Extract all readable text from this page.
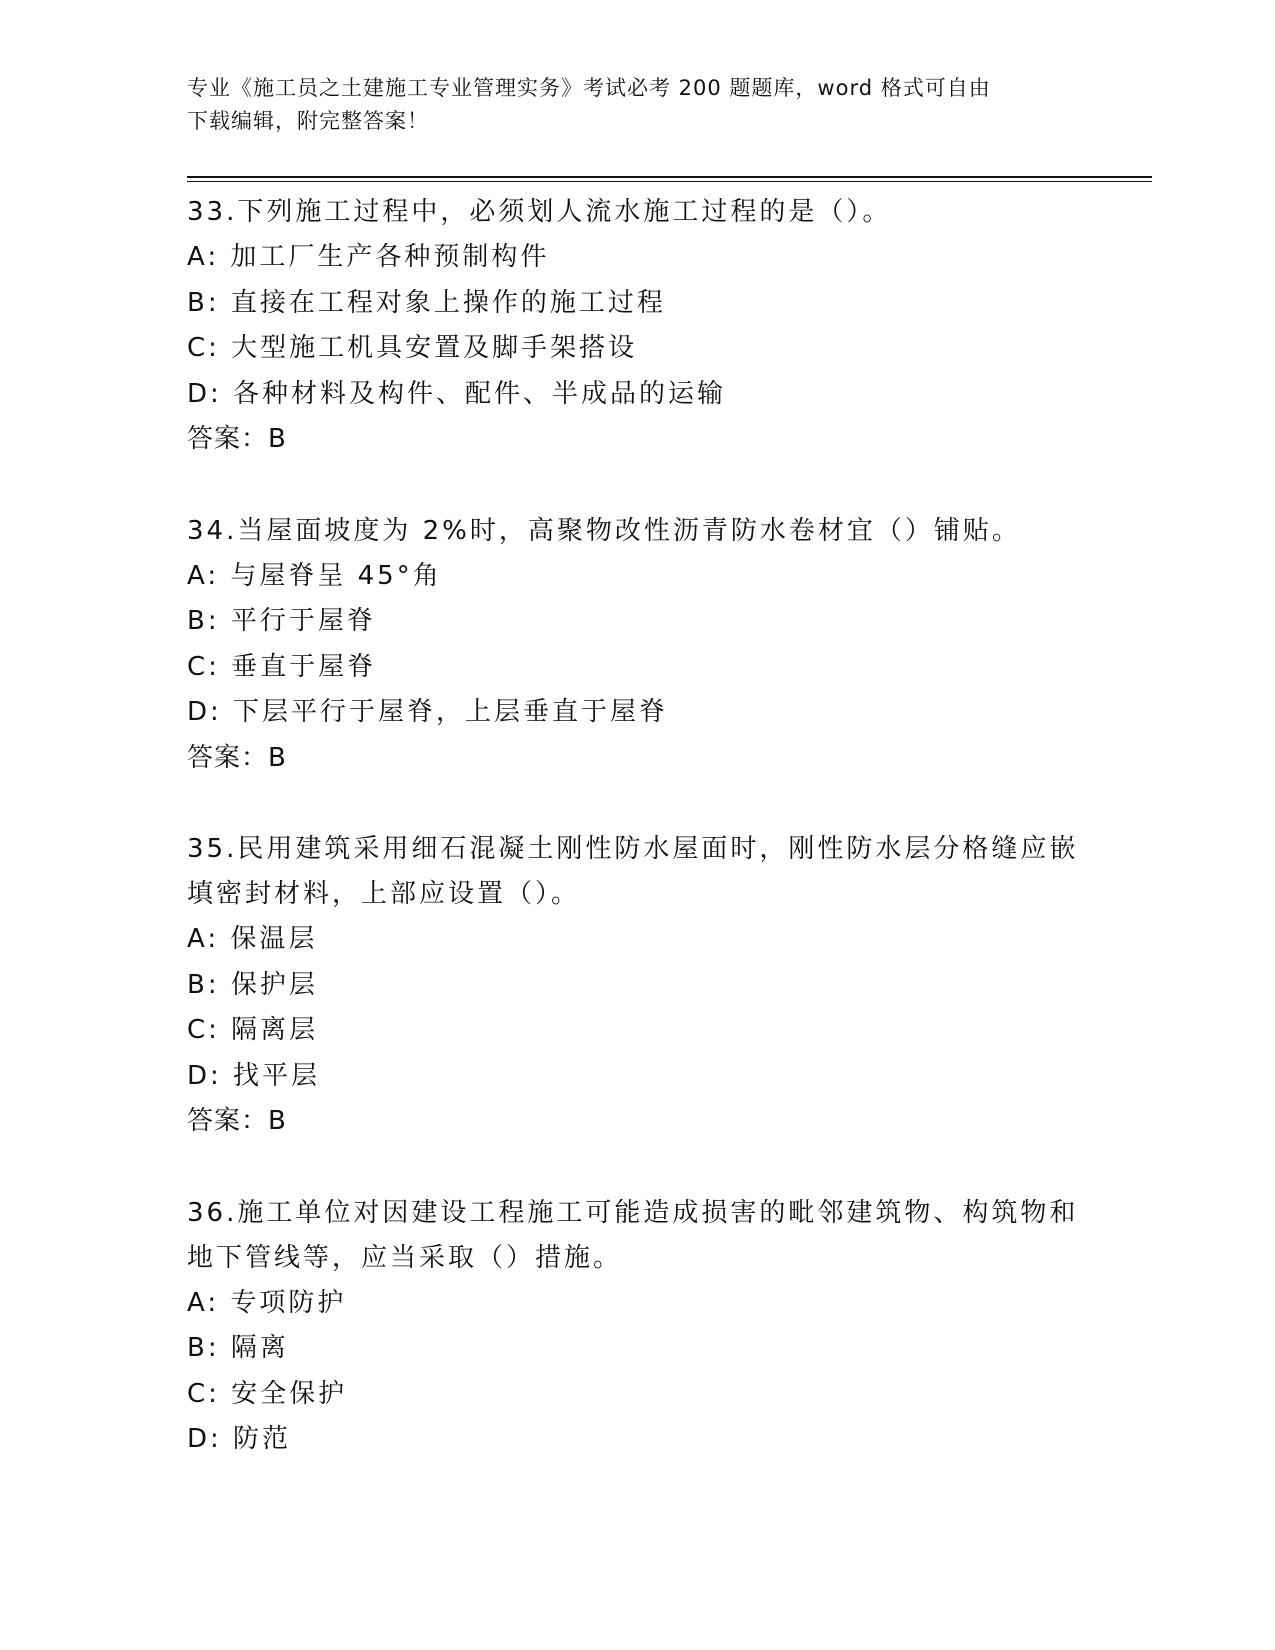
专业《施工员之土建施工专业管理实务》考试必考 200 题题库，word 格式可自由
下载编辑，附完整答案！
33.下列施工过程中，必须划人流水施工过程的是（）。
A: 加工厂生产各种预制构件
B: 直接在工程对象上操作的施工过程
C: 大型施工机具安置及脚手架搭设
D: 各种材料及构件、配件、半成品的运输
答案：B
34.当屋面坡度为 2%时，高聚物改性沥青防水卷材宜（）铺贴。
A: 与屋脊呈 45°角
B: 平行于屋脊
C: 垂直于屋脊
D: 下层平行于屋脊，上层垂直于屋脊
答案：B
35.民用建筑采用细石混凝土刚性防水屋面时，刚性防水层分格缝应嵌
填密封材料，上部应设置（）。
A: 保温层
B: 保护层
C: 隔离层
D: 找平层
答案：B
36.施工单位对因建设工程施工可能造成损害的毗邻建筑物、构筑物和
地下管线等，应当采取（）措施。
A: 专项防护
B: 隔离
C: 安全保护
D: 防范
